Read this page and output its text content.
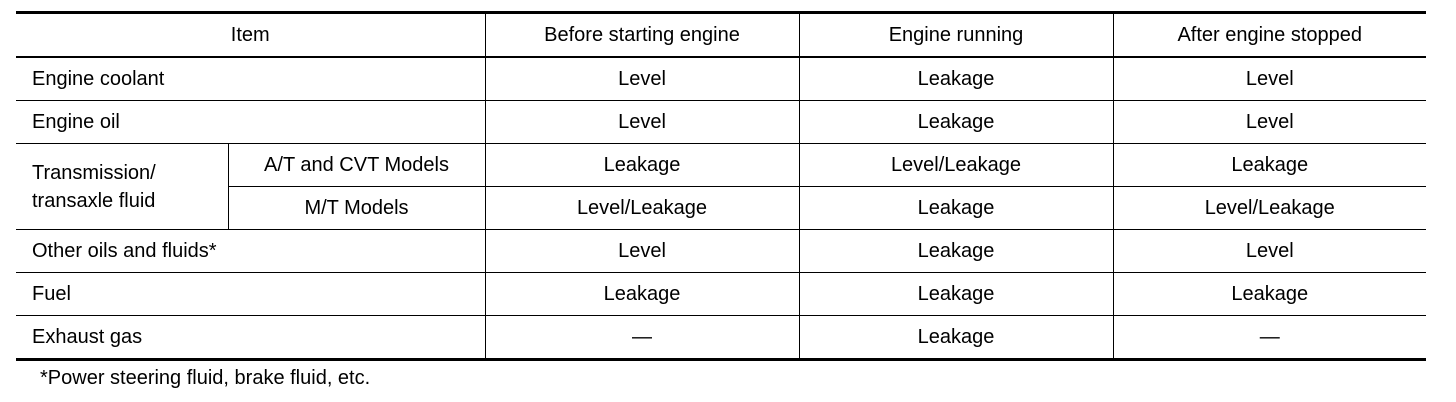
Item		Before starting engine	Engine running	After engine stopped
Engine coolant		Level	Leakage	Level
Engine oil		Level	Leakage	Level

Transmission/
transaxle fluid	A/T and CVT Models	Leakage	Level/Leakage	Leakage
	M/T Models	Level/Leakage	Leakage	Level/Leakage
Other oils and fluids*		Level	Leakage	Level
Fuel		Leakage	Leakage	Leakage
Exhaust gas		—	Leakage	—
*Power steering fluid, brake fluid, etc.
